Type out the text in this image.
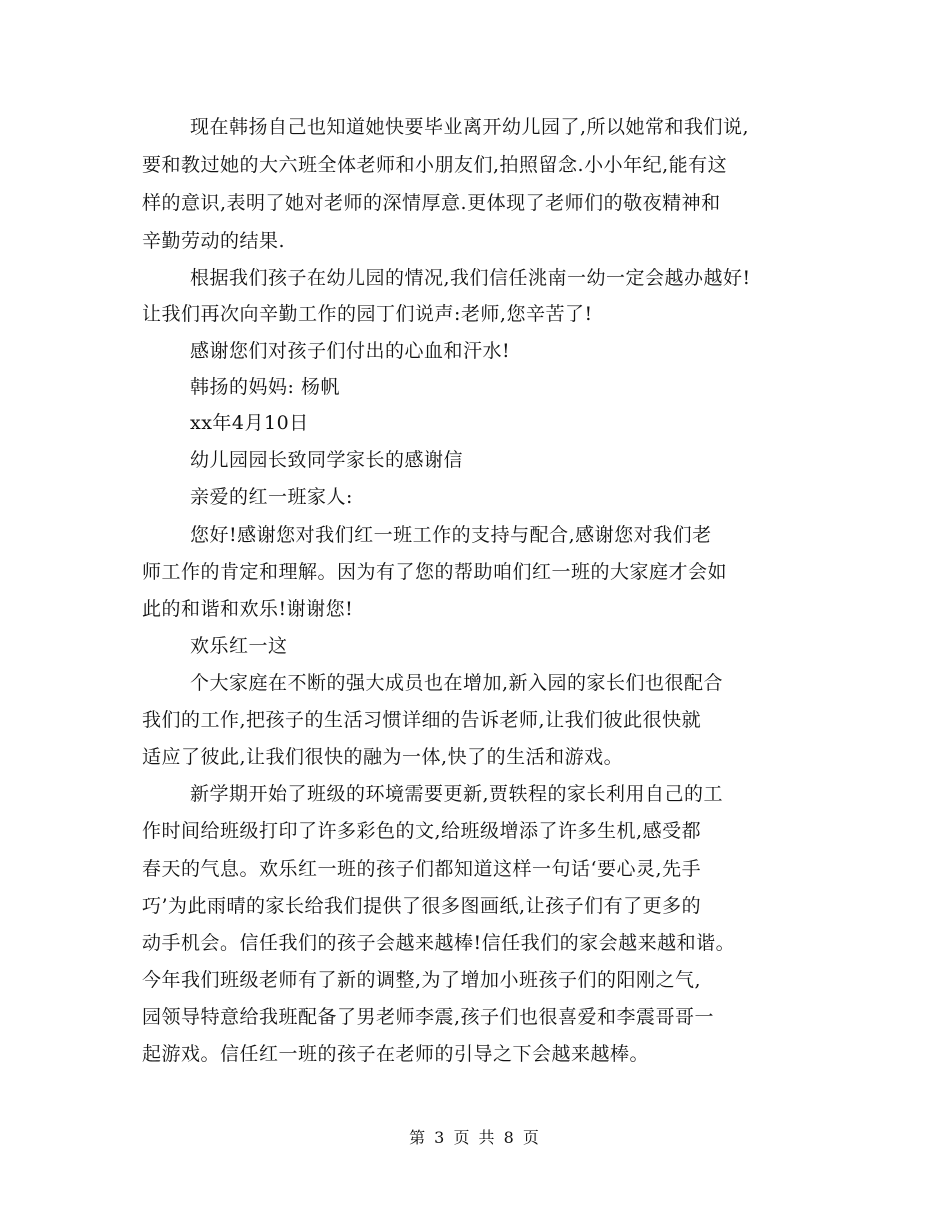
现在韩扬自己也知道她快要毕业离开幼儿园了,所以她常和我们说,
要和教过她的大六班全体老师和小朋友们,拍照留念.小小年纪,能有这
样的意识,表明了她对老师的深情厚意.更体现了老师们的敬夜精神和
辛勤劳动的结果.
根据我们孩子在幼儿园的情况,我们信任洮南一幼一定会越办越好!
让我们再次向辛勤工作的园丁们说声:老师,您辛苦了!
感谢您们对孩子们付出的心血和汗水!
韩扬的妈妈: 杨帆
xx年4月10日
幼儿园园长致同学家长的感谢信
亲爱的红一班家人:
您好!感谢您对我们红一班工作的支持与配合,感谢您对我们老
师工作的肯定和理解。因为有了您的帮助咱们红一班的大家庭才会如
此的和谐和欢乐!谢谢您!
欢乐红一这
个大家庭在不断的强大成员也在增加,新入园的家长们也很配合
我们的工作,把孩子的生活习惯详细的告诉老师,让我们彼此很快就
适应了彼此,让我们很快的融为一体,快了的生活和游戏。
新学期开始了班级的环境需要更新,贾轶程的家长利用自己的工
作时间给班级打印了许多彩色的文,给班级增添了许多生机,感受都
春天的气息。欢乐红一班的孩子们都知道这样一句话‘要心灵,先手
巧’为此雨晴的家长给我们提供了很多图画纸,让孩子们有了更多的
动手机会。信任我们的孩子会越来越棒!信任我们的家会越来越和谐。
今年我们班级老师有了新的调整,为了增加小班孩子们的阳刚之气,
园领导特意给我班配备了男老师李震,孩子们也很喜爱和李震哥哥一
起游戏。信任红一班的孩子在老师的引导之下会越来越棒。
第 3 页 共 8 页
